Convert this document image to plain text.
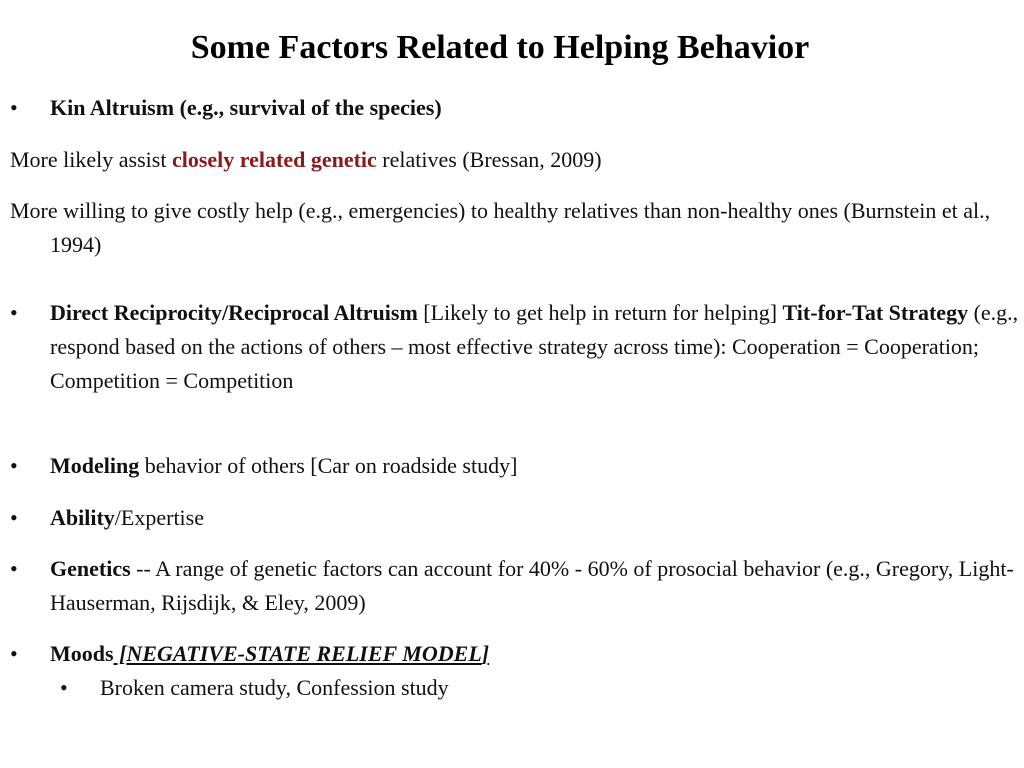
Some Factors Related to Helping Behavior
• Kin Altruism (e.g., survival of the species)
More likely assist closely related genetic relatives (Bressan, 2009)
More willing to give costly help (e.g., emergencies) to healthy relatives than non-healthy ones (Burnstein et al., 1994)
• Direct Reciprocity/Reciprocal Altruism [Likely to get help in return for helping] Tit-for-Tat Strategy (e.g., respond based on the actions of others – most effective strategy across time): Cooperation = Cooperation; Competition = Competition
• Modeling behavior of others [Car on roadside study]
• Ability/Expertise
• Genetics -- A range of genetic factors can account for 40% - 60% of prosocial behavior (e.g., Gregory, Light-Hauserman, Rijsdijk, & Eley, 2009)
• Moods [NEGATIVE-STATE RELIEF MODEL]
• Broken camera study, Confession study
